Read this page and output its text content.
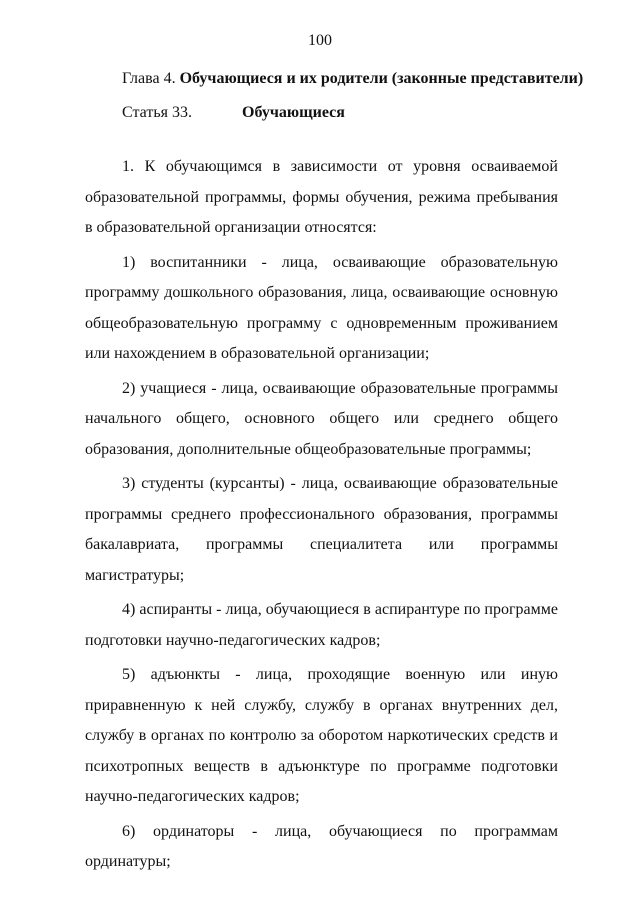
100
Глава 4. Обучающиеся и их родители (законные представители)
Статья 33.	Обучающиеся

1. К обучающимся в зависимости от уровня осваиваемой образовательной программы, формы обучения, режима пребывания в образовательной организации относятся:

1) воспитанники - лица, осваивающие образовательную программу дошкольного образования, лица, осваивающие основную общеобразовательную программу с одновременным проживанием или нахождением в образовательной организации;

2) учащиеся - лица, осваивающие образовательные программы начального общего, основного общего или среднего общего образования, дополнительные общеобразовательные программы;

3) студенты (курсанты) - лица, осваивающие образовательные программы среднего профессионального образования, программы бакалавриата, программы специалитета или программы магистратуры;

4) аспиранты - лица, обучающиеся в аспирантуре по программе подготовки научно-педагогических кадров;

5) адъюнкты - лица, проходящие военную или иную приравненную к ней службу, службу в органах внутренних дел, службу в органах по контролю за оборотом наркотических средств и психотропных веществ в адъюнктуре по программе подготовки научно-педагогических кадров;

6) ординаторы - лица, обучающиеся по программам ординатуры;
